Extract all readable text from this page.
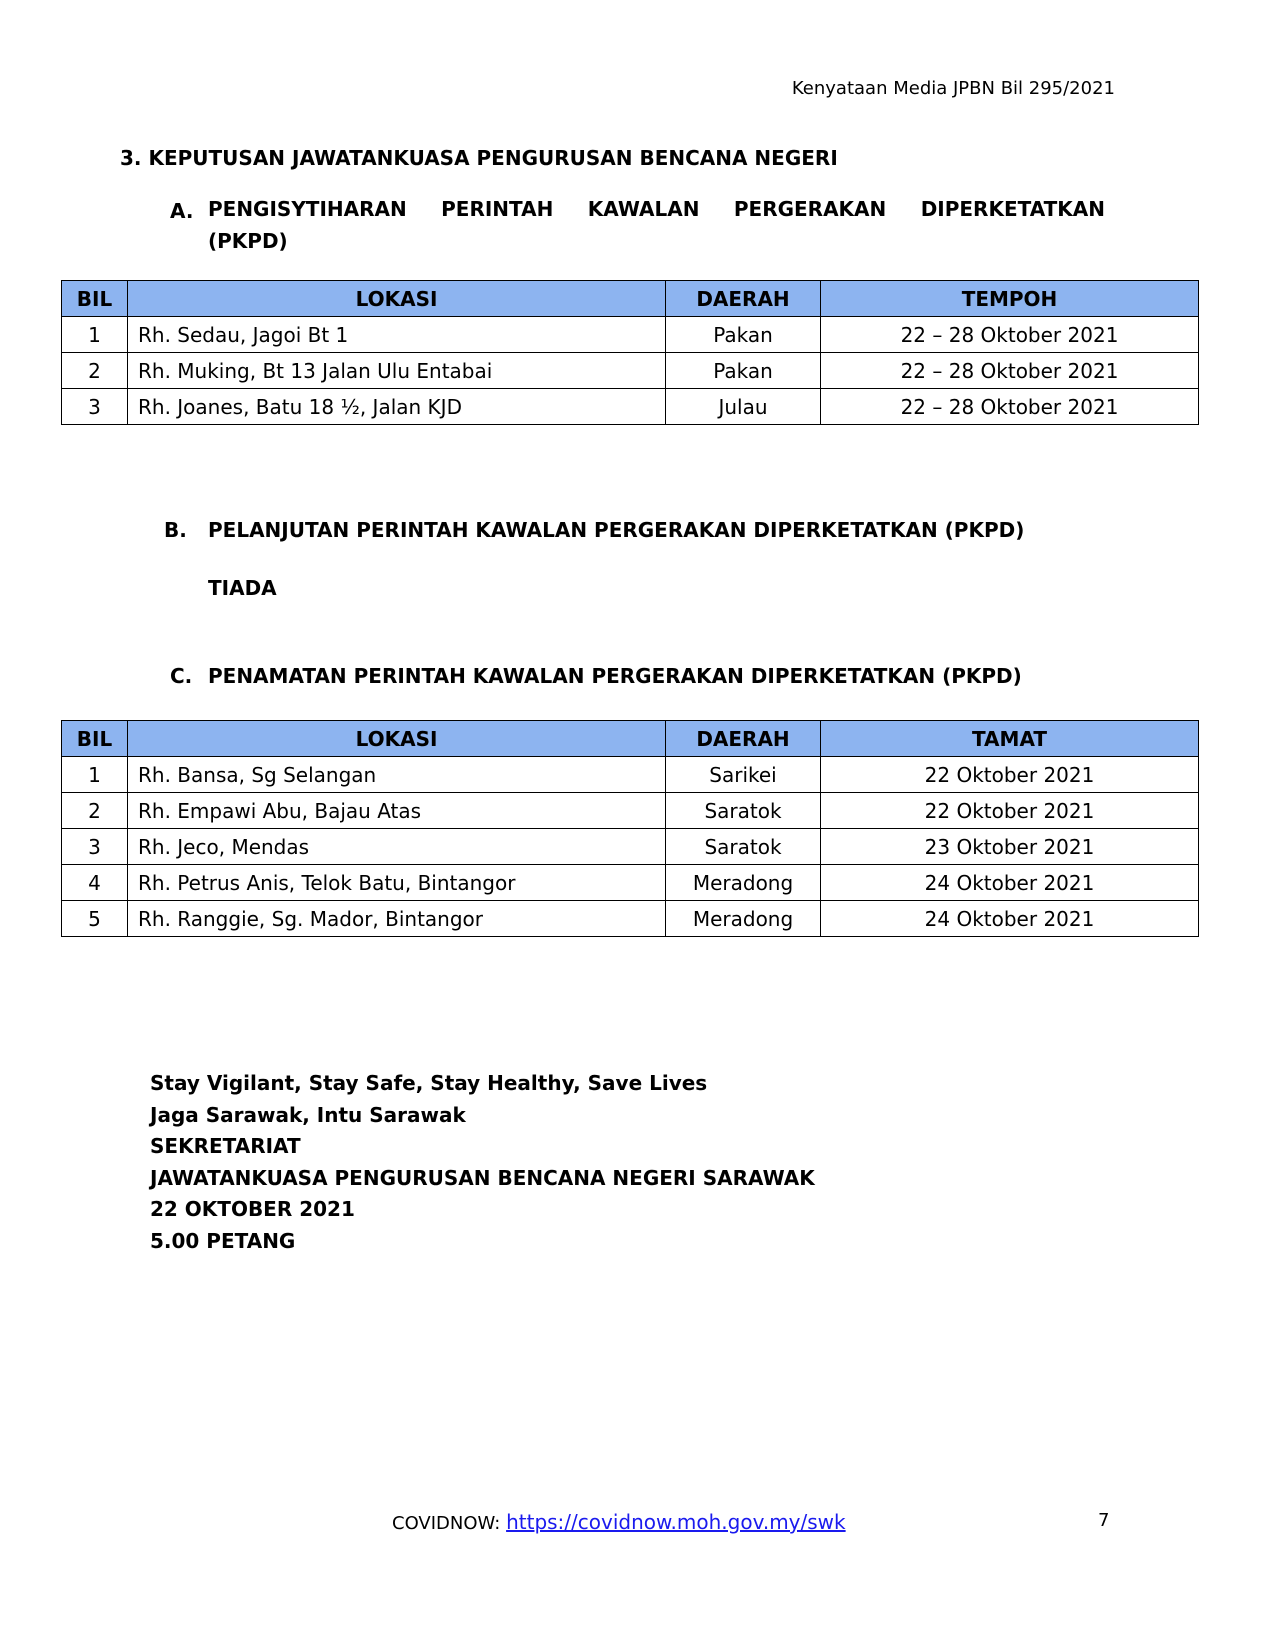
Kenyataan Media JPBN Bil 295/2021
3. KEPUTUSAN JAWATANKUASA PENGURUSAN BENCANA NEGERI
A. PENGISYTIHARAN PERINTAH KAWALAN PERGERAKAN DIPERKETATKAN
(PKPD)
BIL	LOKASI	DAERAH	TEMPOH
1	Rh. Sedau, Jagoi Bt 1	Pakan	22 – 28 Oktober 2021
2	Rh. Muking, Bt 13 Jalan Ulu Entabai	Pakan	22 – 28 Oktober 2021
3	Rh. Joanes, Batu 18 ½, Jalan KJD	Julau	22 – 28 Oktober 2021
B.	PELANJUTAN PERINTAH KAWALAN PERGERAKAN DIPERKETATKAN (PKPD)
TIADA
C. PENAMATAN PERINTAH KAWALAN PERGERAKAN DIPERKETATKAN (PKPD)
BIL	LOKASI	DAERAH	TAMAT
1	Rh. Bansa, Sg Selangan	Sarikei	22 Oktober 2021
2	Rh. Empawi Abu, Bajau Atas	Saratok	22 Oktober 2021
3	Rh. Jeco, Mendas	Saratok	23 Oktober 2021
4	Rh. Petrus Anis, Telok Batu, Bintangor	Meradong	24 Oktober 2021
5	Rh. Ranggie, Sg. Mador, Bintangor	Meradong	24 Oktober 2021
Stay Vigilant, Stay Safe, Stay Healthy, Save Lives
Jaga Sarawak, Intu Sarawak
SEKRETARIAT
JAWATANKUASA PENGURUSAN BENCANA NEGERI SARAWAK
22 OKTOBER 2021
5.00 PETANG
COVIDNOW: https://covidnow.moh.gov.my/swk	7
